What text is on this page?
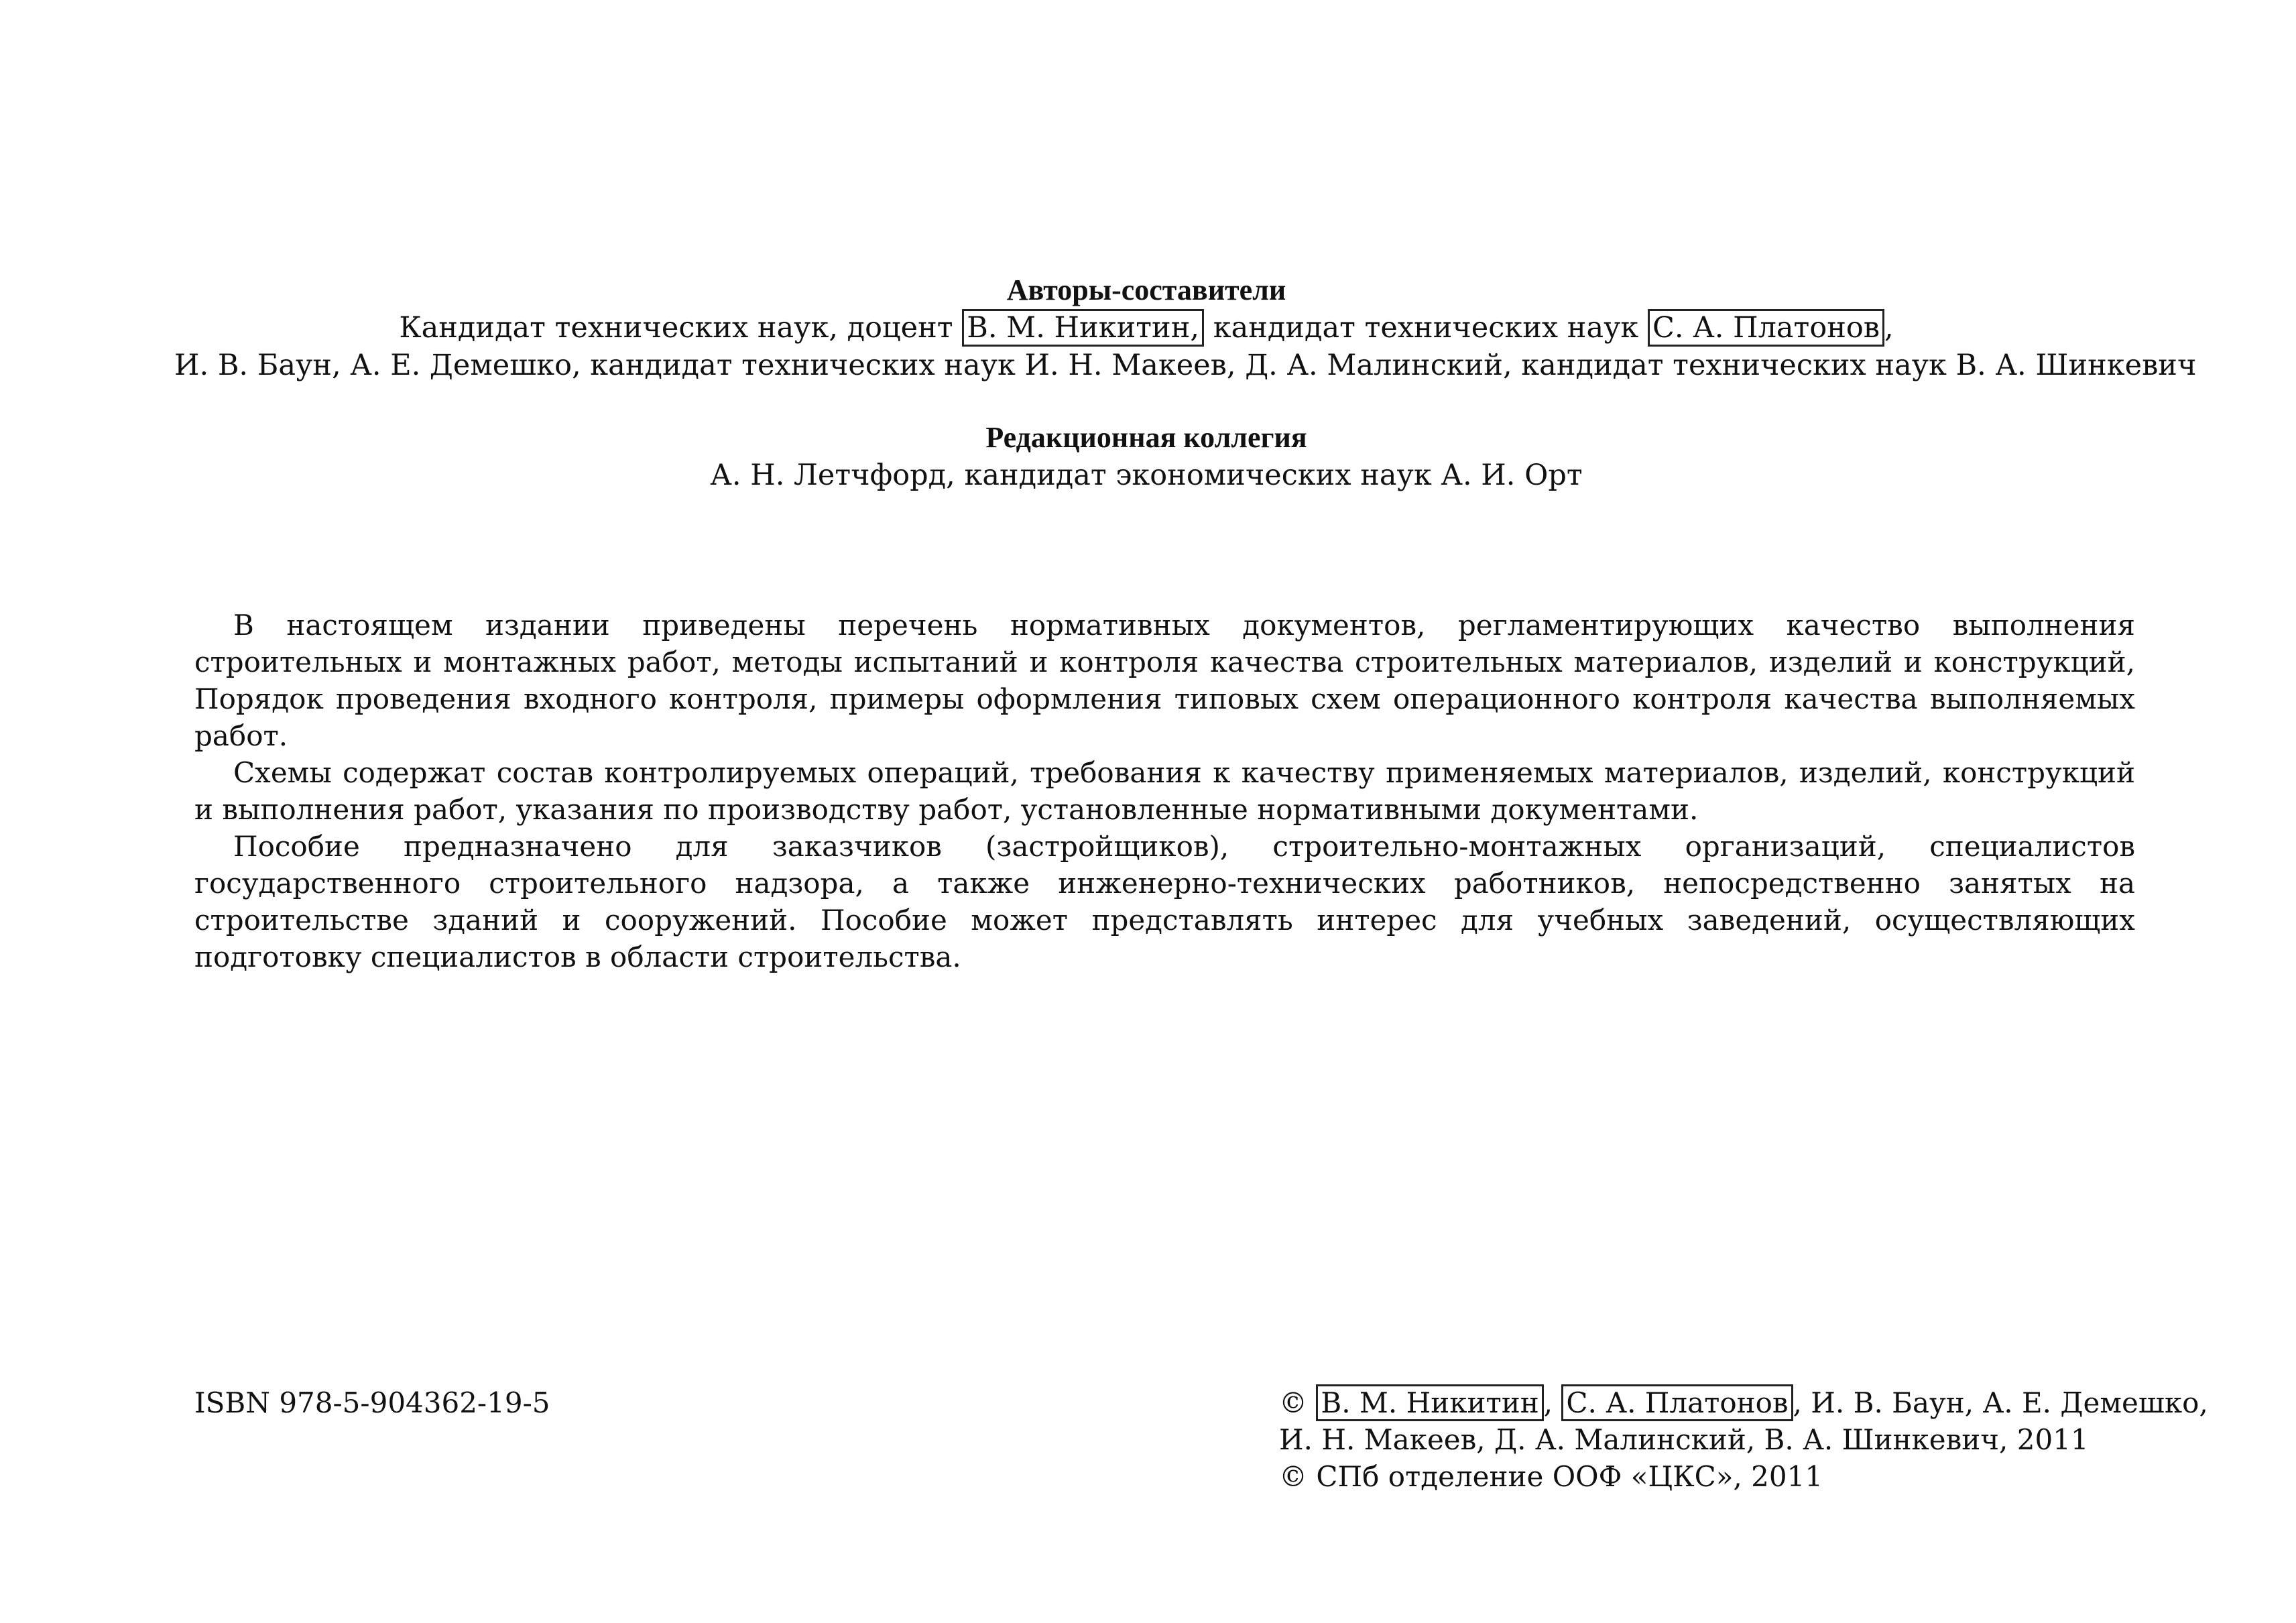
Авторы-составители
Кандидат технических наук, доцент В. М. Никитин, кандидат технических наук С. А. Платонов ,
И. В. Баун, А. Е. Демешко, кандидат технических наук И. Н. Макеев, Д. А. Малинский, кандидат технических наук В. А. Шинкевич
Редакционная коллегия
А. Н. Летчфорд, кандидат экономических наук А. И. Орт

В настоящем издании приведены перечень нормативных документов, регламентирующих качество выполнения строительных и монтажных работ, методы испытаний и контроля качества строительных материалов, изделий и конструкций, Порядок проведения входного контроля, примеры оформления типовых схем операционного контроля качества выполняемых работ.

Схемы содержат состав контролируемых операций, требования к качеству применяемых материалов, изделий, конструкций и выполнения работ, указания по производству работ, установленные нормативными документами.

Пособие предназначено для заказчиков (застройщиков), строительно-монтажных организаций, специалистов государственного строительного надзора, а также инженерно-технических работников, непосредственно занятых на строительстве зданий и сооружений. Пособие может представлять интерес для учебных заведений, осуществляющих подготовку специалистов в области строительства.

ISBN 978-5-904362-19-5	© В. М. Никитин , С. А. Платонов , И. В. Баун, А. Е. Демешко,
И. Н. Макеев, Д. А. Малинский, В. А. Шинкевич, 2011
© СПб отделение ООФ «ЦКС», 2011
